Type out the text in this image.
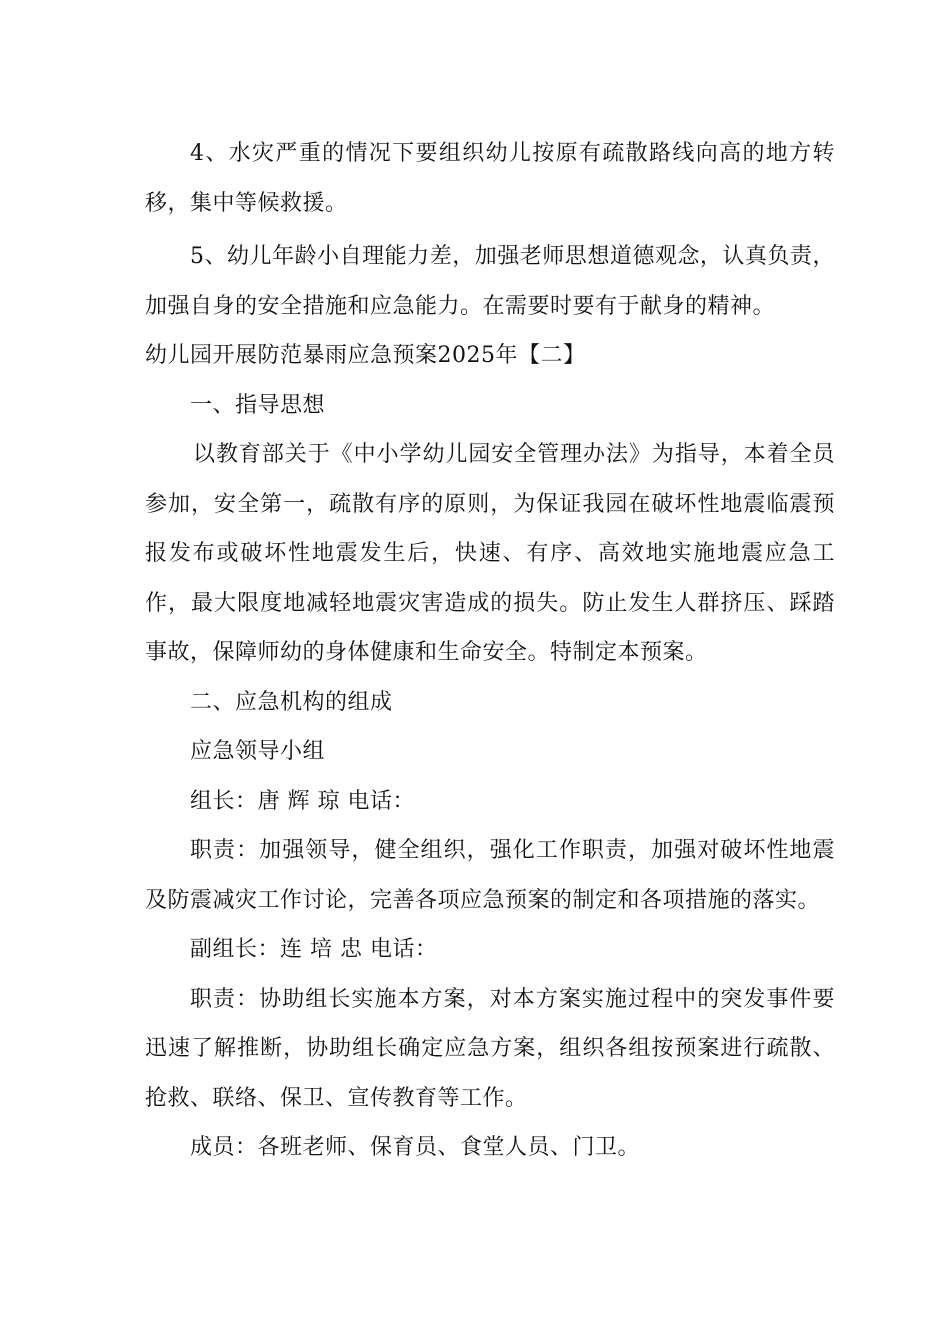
4、水灾严重的情况下要组织幼儿按原有疏散路线向高的地方转移，集中等候救援。

5、幼儿年龄小自理能力差，加强老师思想道德观念，认真负责，加强自身的安全措施和应急能力。在需要时要有于献身的精神。

幼儿园开展防范暴雨应急预案2025年【二】

一、指导思想

以教育部关于《中小学幼儿园安全管理办法》为指导，本着全员参加，安全第一，疏散有序的原则，为保证我园在破坏性地震临震预报发布或破坏性地震发生后，快速、有序、高效地实施地震应急工作，最大限度地减轻地震灾害造成的损失。防止发生人群挤压、踩踏事故，保障师幼的身体健康和生命安全。特制定本预案。

二、应急机构的组成

应急领导小组

组长：唐 辉 琼 电话：

职责：加强领导，健全组织，强化工作职责，加强对破坏性地震及防震减灾工作讨论，完善各项应急预案的制定和各项措施的落实。

副组长：连 培 忠 电话：

职责：协助组长实施本方案，对本方案实施过程中的突发事件要迅速了解推断，协助组长确定应急方案，组织各组按预案进行疏散、抢救、联络、保卫、宣传教育等工作。

成员：各班老师、保育员、食堂人员、门卫。
